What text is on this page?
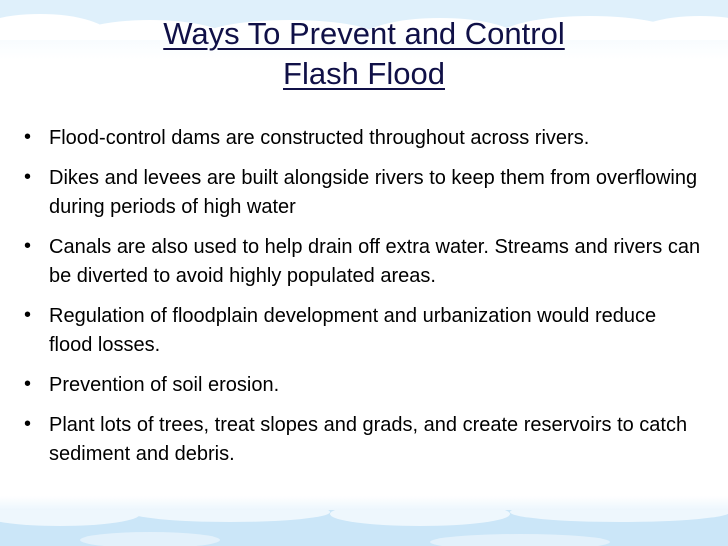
Ways To Prevent and Control
Flash Flood
• Flood-control dams are constructed throughout across rivers.
• Dikes and levees are built alongside rivers to keep them from overflowing during periods of high water
• Canals are also used to help drain off extra water. Streams and rivers can be diverted to avoid highly populated areas.
• Regulation of floodplain development and urbanization would reduce flood losses.
• Prevention of soil erosion.
• Plant lots of trees, treat slopes and grads, and create reservoirs to catch sediment and debris.
